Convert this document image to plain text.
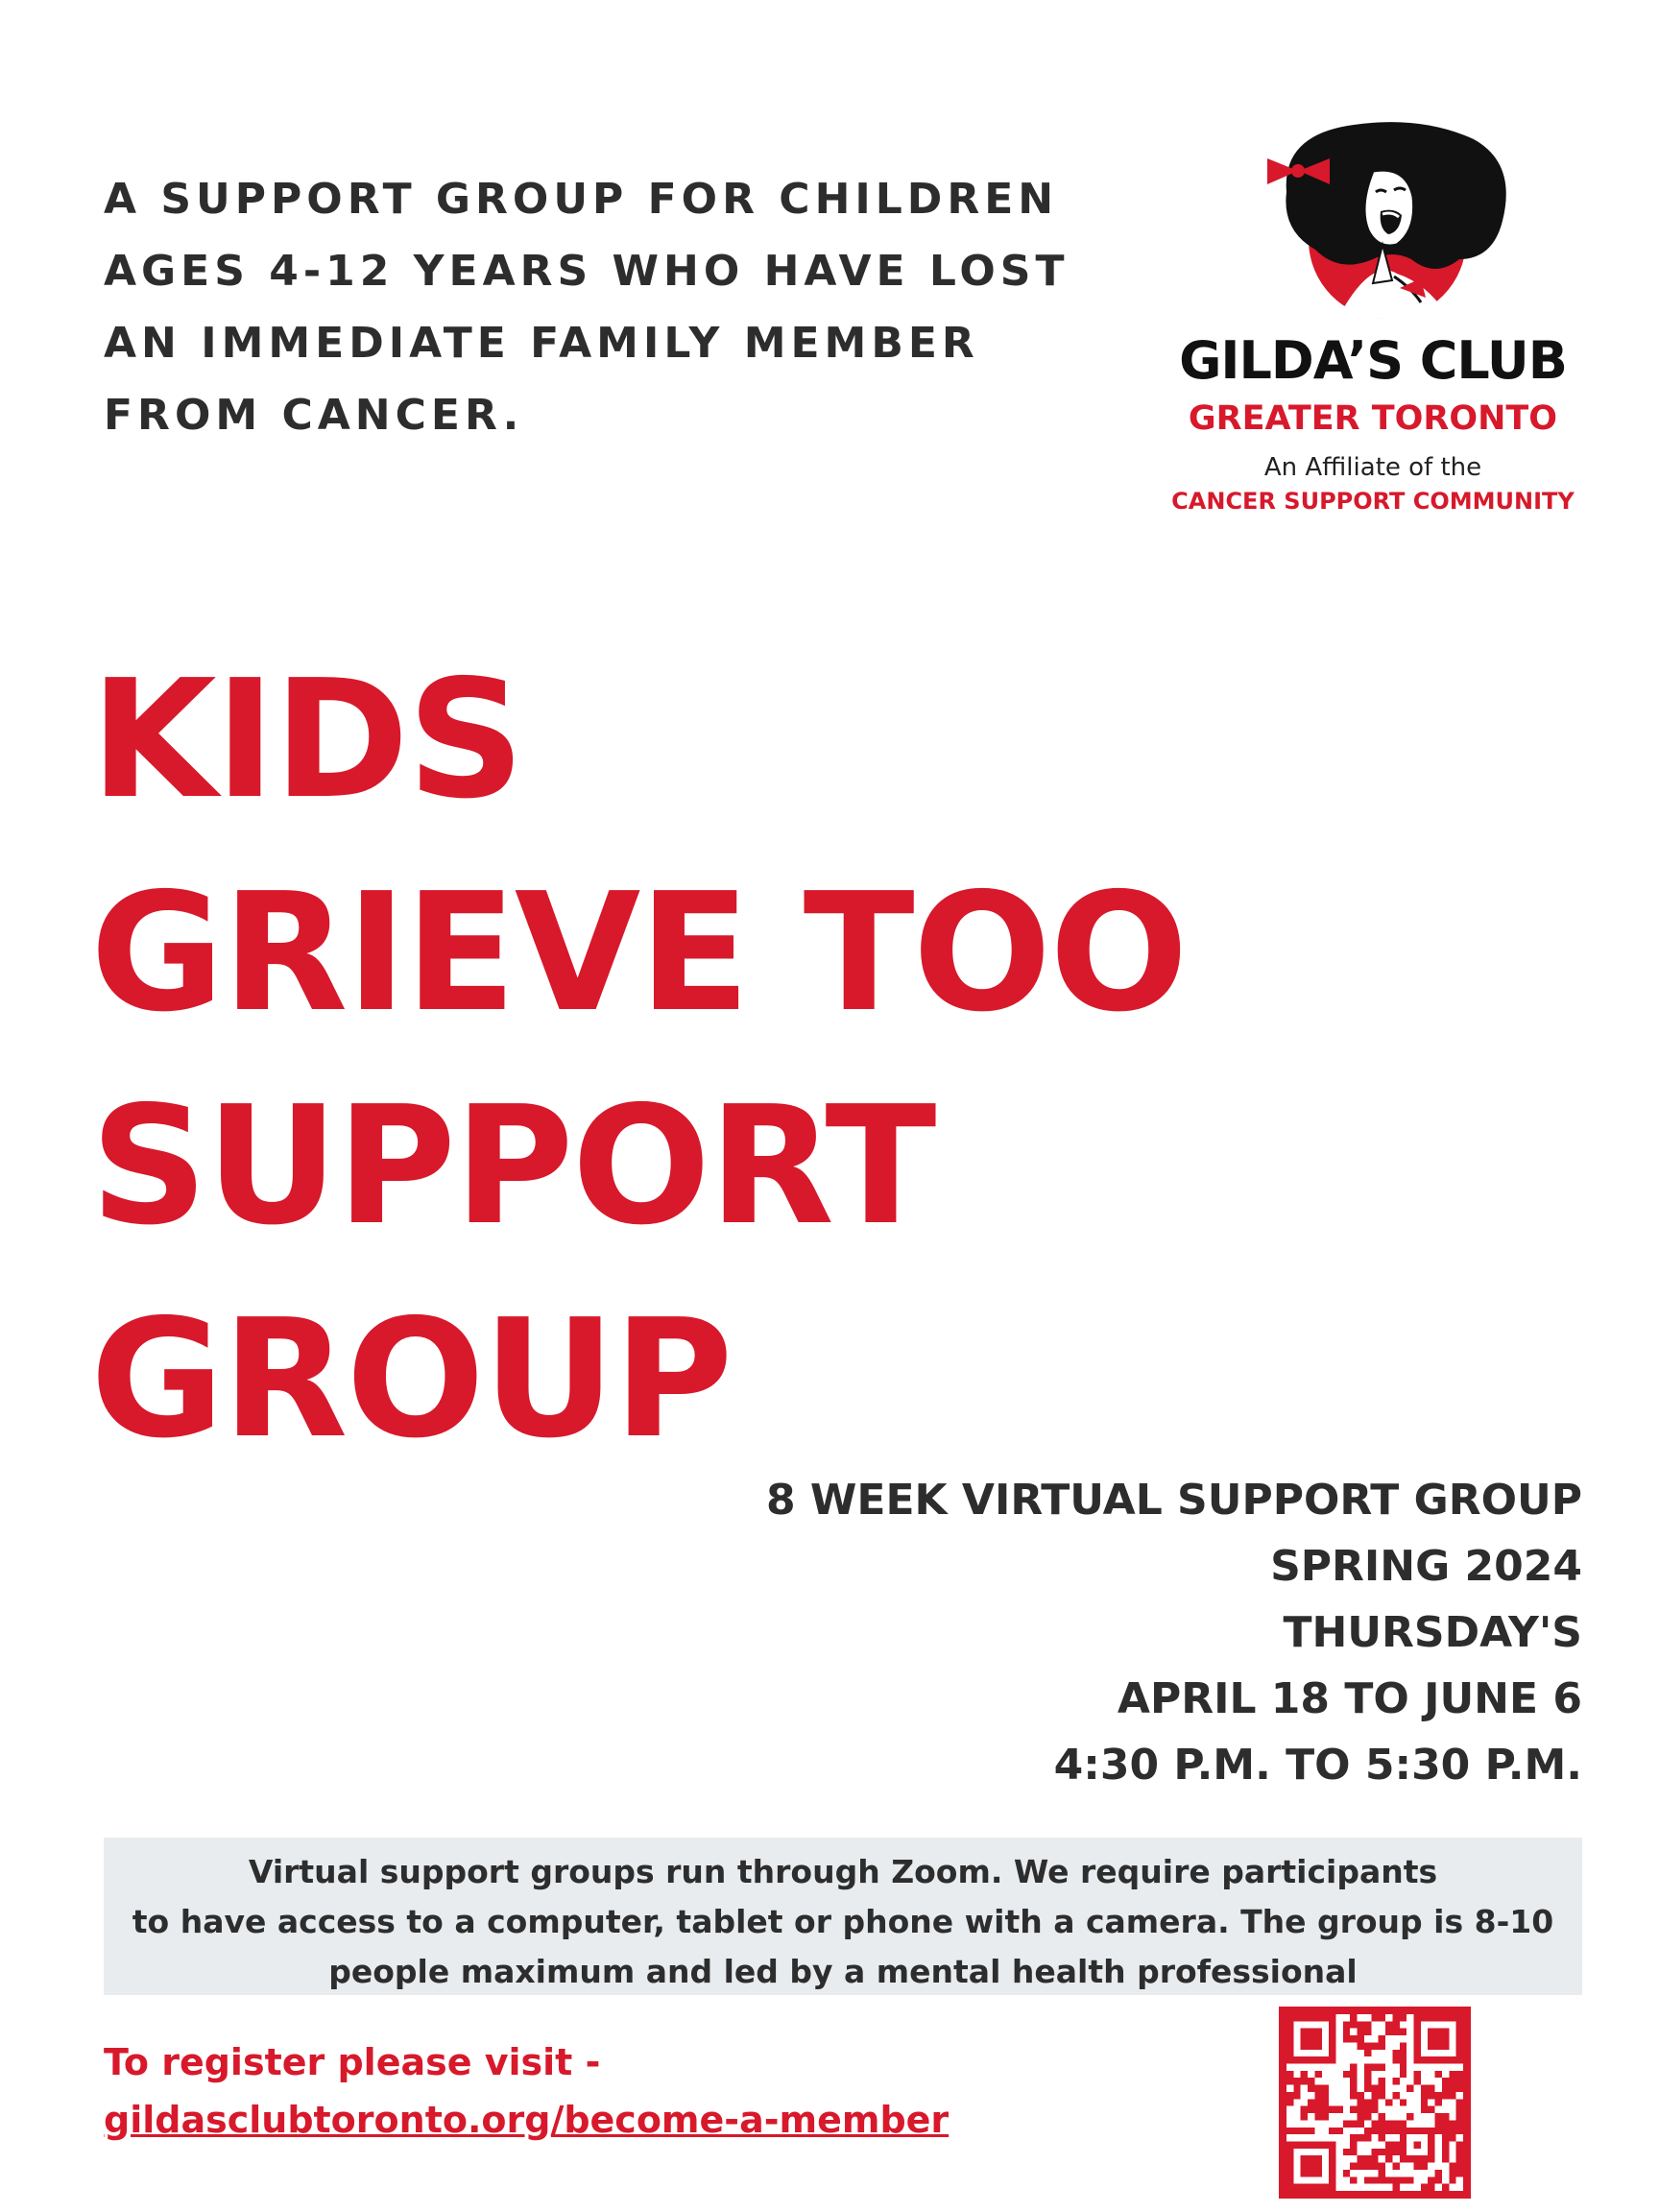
A SUPPORT GROUP FOR CHILDREN
AGES 4-12 YEARS WHO HAVE LOST
AN IMMEDIATE FAMILY MEMBER
FROM CANCER.
GILDA’S CLUB
GREATER TORONTO
An Affiliate of the
CANCER SUPPORT COMMUNITY
KIDS
GRIEVE TOO
SUPPORT
GROUP
8 WEEK VIRTUAL SUPPORT GROUP
SPRING 2024
THURSDAY'S
APRIL 18 TO JUNE 6
4:30 P.M. TO 5:30 P.M.
Virtual support groups run through Zoom. We require participants
to have access to a computer, tablet or phone with a camera. The group is 8-10
people maximum and led by a mental health professional
To register please visit -
gildasclubtoronto.org/become-a-member
